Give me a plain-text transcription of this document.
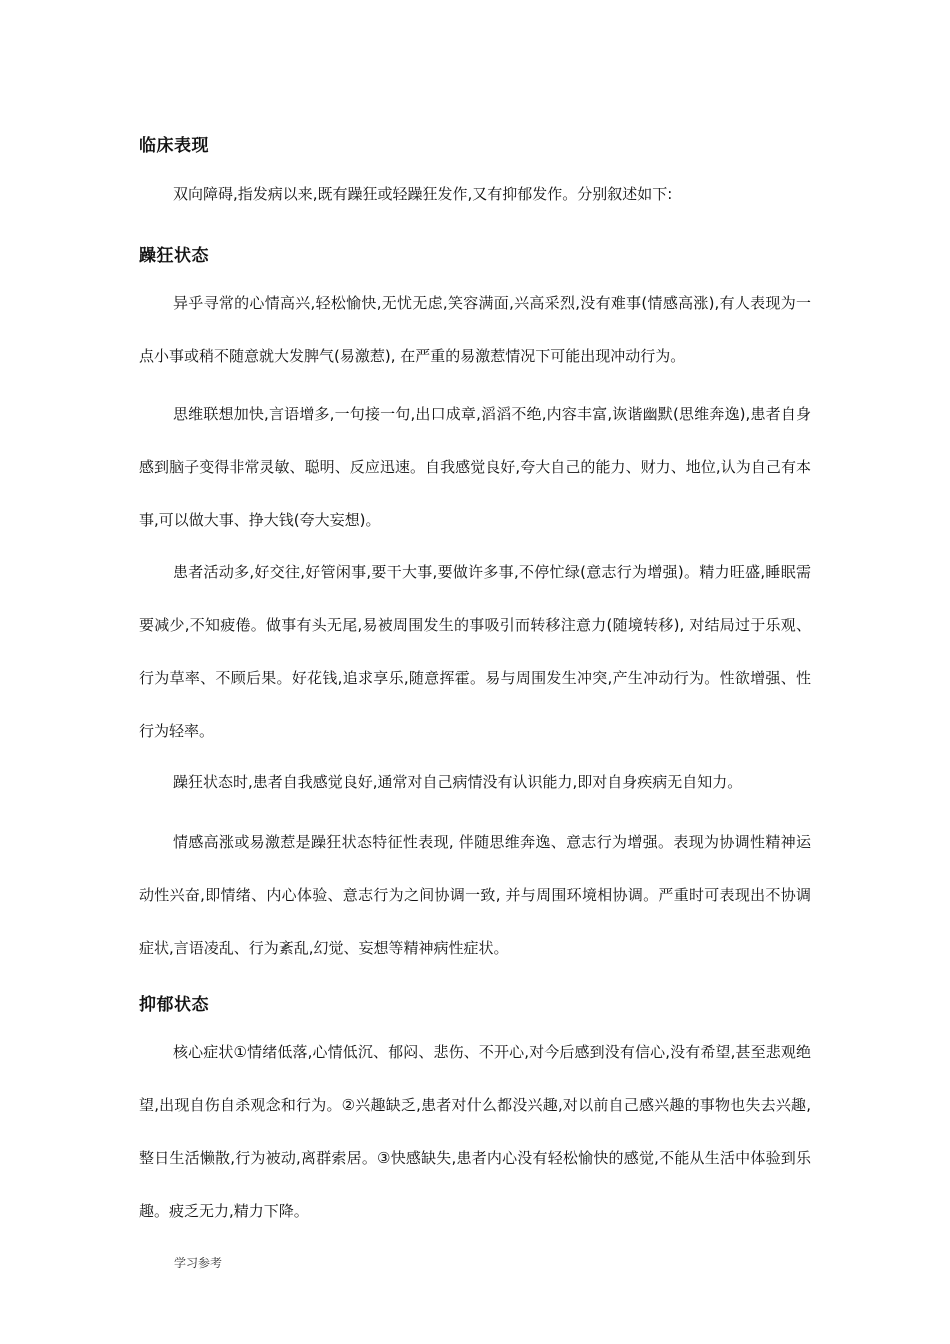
临床表现

双向障碍,指发病以来,既有躁狂或轻躁狂发作,又有抑郁发作。分别叙述如下:

躁狂状态

异乎寻常的心情高兴,轻松愉快,无忧无虑,笑容满面,兴高采烈,没有难事(情感高涨),有人表现为一点小事或稍不随意就大发脾气(易激惹), 在严重的易激惹情况下可能出现冲动行为。

思维联想加快,言语增多,一句接一句,出口成章,滔滔不绝,内容丰富,诙谐幽默(思维奔逸),患者自身感到脑子变得非常灵敏、聪明、反应迅速。自我感觉良好,夸大自己的能力、财力、地位,认为自己有本事,可以做大事、挣大钱(夸大妄想)。

患者活动多,好交往,好管闲事,要干大事,要做许多事,不停忙绿(意志行为增强)。精力旺盛,睡眠需要减少,不知疲倦。做事有头无尾,易被周围发生的事吸引而转移注意力(随境转移), 对结局过于乐观、行为草率、不顾后果。好花钱,追求享乐,随意挥霍。易与周围发生冲突,产生冲动行为。性欲增强、性行为轻率。

躁狂状态时,患者自我感觉良好,通常对自己病情没有认识能力,即对自身疾病无自知力。

情感高涨或易激惹是躁狂状态特征性表现, 伴随思维奔逸、意志行为增强。表现为协调性精神运动性兴奋,即情绪、内心体验、意志行为之间协调一致, 并与周围环境相协调。严重时可表现出不协调症状,言语凌乱、行为紊乱,幻觉、妄想等精神病性症状。

抑郁状态

核心症状①情绪低落,心情低沉、郁闷、悲伤、不开心,对今后感到没有信心,没有希望,甚至悲观绝望,出现自伤自杀观念和行为。②兴趣缺乏,患者对什么都没兴趣,对以前自己感兴趣的事物也失去兴趣,整日生活懒散,行为被动,离群索居。③快感缺失,患者内心没有轻松愉快的感觉,不能从生活中体验到乐趣。疲乏无力,精力下降。

学习参考
